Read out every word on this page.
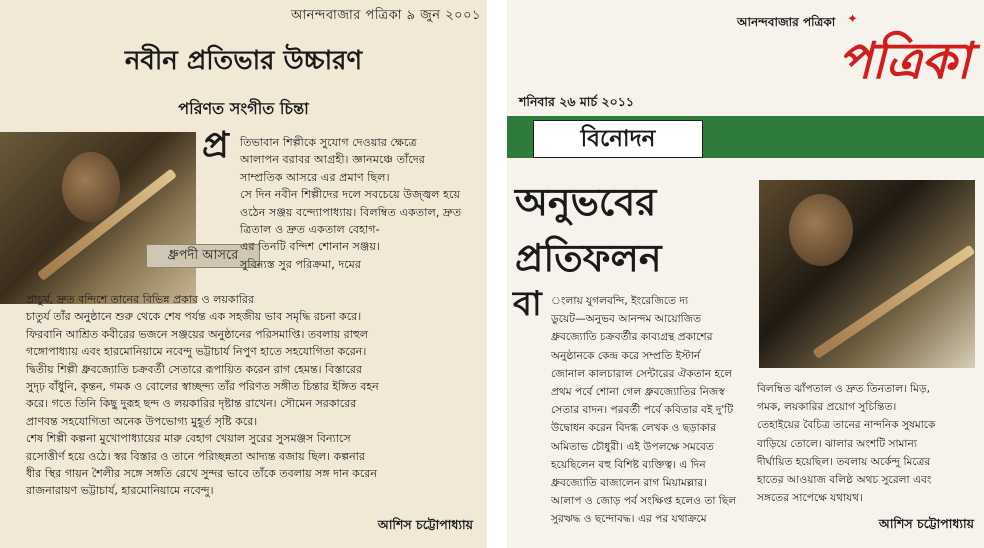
আনন্দবাজার পত্রিকা ৯ জুন ২০০১
নবীন প্রতিভার উচ্চারণ
পরিণত সংগীত চিন্তা
ধ্রুপদী আসরে
প্র তিভাবান শিল্পীকে সুযোগ দেওয়ার ক্ষেত্রে
আলাপন বরাবর আগ্রহী। জ্ঞানমঞ্চে তাঁদের
সাম্প্রতিক আসরে এর প্রমাণ ছিল।
সে দিন নবীন শিল্পীদের দলে সবচেয়ে উজ্জ্বল হয়ে
ওঠেন সঞ্জয় বন্দ্যোপাধ্যায়। বিলম্বিত একতাল, দ্রুত
ত্রিতাল ও দ্রুত একতাল বেহাগ-
এর তিনটি বন্দিশ শোনান সঞ্জয়।
সুবিন্যস্ত সুর পরিক্রমা, দমের
প্রাচুর্য, দ্রুত বন্দিশে তানের বিভিন্ন প্রকার ও লয়কারির
চাতুর্য তাঁর অনুষ্ঠানে শুরু থেকে শেষ পর্যন্ত এক সহজীয় ভাব সমৃদ্ধি রচনা করে।
ফিরবানি আশ্রিত কবীরের ভজনে সঞ্জয়ের অনুষ্ঠানের পরিসমাপ্তি। তবলায় রাহুল
গঙ্গোপাধ্যায় এবং হারমোনিয়ামে নবেন্দু ভট্টাচার্য নিপুণ হাতে সহযোগিতা করেন।
দ্বিতীয় শিল্পী ধ্রুবজ্যোতি চক্রবর্তী সেতারে রূপায়িত করেন রাগ হেমন্ত। বিস্তারের
সুদৃঢ় বাঁধুনি, কৃন্তন, গমক ও বোলের স্বাচ্ছন্দ্য তাঁর পরিণত সঙ্গীত চিন্তার ইঙ্গিত বহন
করে। গতে তিনি কিছু দুরূহ ছন্দ ও লয়কারির দৃষ্টান্ত রাখেন। সৌমেন সরকারের
প্রাণবন্ত সহযোগিতা অনেক উপভোগ্য মুহূর্ত সৃষ্টি করে।
শেষ শিল্পী কল্পনা মুখোপাধ্যায়ের মারু বেহাগ খেয়াল সুরের সুসমঞ্জস বিন্যাসে
রসোত্তীর্ণ হয়ে ওঠে। স্বর বিস্তার ও তানে পরিচ্ছন্নতা আদ্যন্ত বজায় ছিল। কল্পনার
ধীর স্থির গায়ন শৈলীর সঙ্গে সঙ্গতি রেখে সুন্দর ভাবে তাঁকে তবলায় সঙ্গ দান করেন
রাজনারায়ণ ভট্টাচার্য, হারমোনিয়ামে নবেন্দু।
আশিস চট্টোপাধ্যায়
আনন্দবাজার পত্রিকা ✦
পত্রিকা
শনিবার ২৬ মার্চ ২০১১
বিনোদন
অনুভবের
প্রতিফলন
বা ংলায় যুগলবন্দি, ইংরেজিতে দ্য
ডুয়েট—অনুভব আনন্দম আয়োজিত
ধ্রুবজ্যোতি চক্রবর্তীর কাব্যগ্রন্থ প্রকাশের
অনুষ্ঠানকে কেন্দ্র করে সম্প্রতি ইস্টার্ন
জোনাল কালচারাল সেন্টারের ঐকতান হলে
প্রথম পর্বে শোনা গেল ধ্রুবজ্যোতির নিজস্ব
সেতার বাদন। পরবর্তী পর্বে কবিতার বই দু'টি
উদ্বোধন করেন বিদগ্ধ লেখক ও ছড়াকার
অমিতাভ চৌধুরী। এই উপলক্ষে সমবেত
হয়েছিলেন বহু বিশিষ্ট ব্যক্তিত্ব। এ দিন
ধ্রুবজ্যোতি বাজালেন রাগ মিয়ামল্লার।
আলাপ ও জোড় পর্ব সংক্ষিপ্ত হলেও তা ছিল
সুরঋদ্ধ ও ছন্দোবদ্ধ। এর পর যথাক্রমে
বিলম্বিত ঝাঁপতাল ও দ্রুত তিনতাল। মিড়,
গমক, লয়কারির প্রয়োগ সুচিন্তিত।
তেহাইয়ের বৈচিত্র তানের নান্দনিক সুষমাকে
বাড়িয়ে তোলে। ঝালার অংশটি সামান্য
দীর্ঘায়িত হয়েছিল। তবলায় অর্কেন্দু মিত্রের
হাতের আওয়াজ বলিষ্ঠ অথচ সুরেলা এবং
সঙ্গতের সাপেক্ষে যথাযথ।
আশিস চট্টোপাধ্যায়
